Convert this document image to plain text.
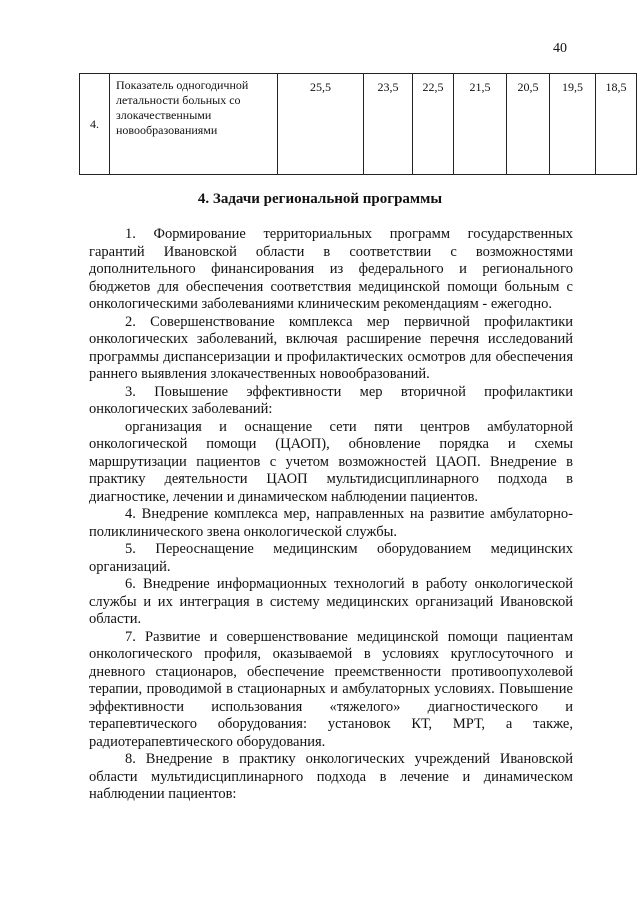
40
4.	Показатель одногодичной летальности больных со злокачественными новообразованиями	25,5	23,5	22,5	21,5	20,5	19,5	18,5
4. Задачи региональной программы

1. Формирование территориальных программ государственных гарантий Ивановской области в соответствии с возможностями дополнительного финансирования из федерального и регионального бюджетов для обеспечения соответствия медицинской помощи больным с онкологическими заболеваниями клиническим рекомендациям - ежегодно.

2. Совершенствование комплекса мер первичной профилактики онкологических заболеваний, включая расширение перечня исследований программы диспансеризации и профилактических осмотров для обеспечения раннего выявления злокачественных новообразований.

3. Повышение эффективности мер вторичной профилактики онкологических заболеваний:

организация и оснащение сети пяти центров амбулаторной онкологической помощи (ЦАОП), обновление порядка и схемы маршрутизации пациентов с учетом возможностей ЦАОП. Внедрение в практику деятельности ЦАОП мультидисциплинарного подхода в диагностике, лечении и динамическом наблюдении пациентов.

4. Внедрение комплекса мер, направленных на развитие амбулаторно-поликлинического звена онкологической службы.

5. Переоснащение медицинским оборудованием медицинских организаций.

6. Внедрение информационных технологий в работу онкологической службы и их интеграция в систему медицинских организаций Ивановской области.

7. Развитие и совершенствование медицинской помощи пациентам онкологического профиля, оказываемой в условиях круглосуточного и дневного стационаров, обеспечение преемственности противоопухолевой терапии, проводимой в стационарных и амбулаторных условиях. Повышение эффективности использования «тяжелого» диагностического и терапевтического оборудования: установок КТ, МРТ, а также, радиотерапевтического оборудования.

8. Внедрение в практику онкологических учреждений Ивановской области мультидисциплинарного подхода в лечение и динамическом наблюдении пациентов:
